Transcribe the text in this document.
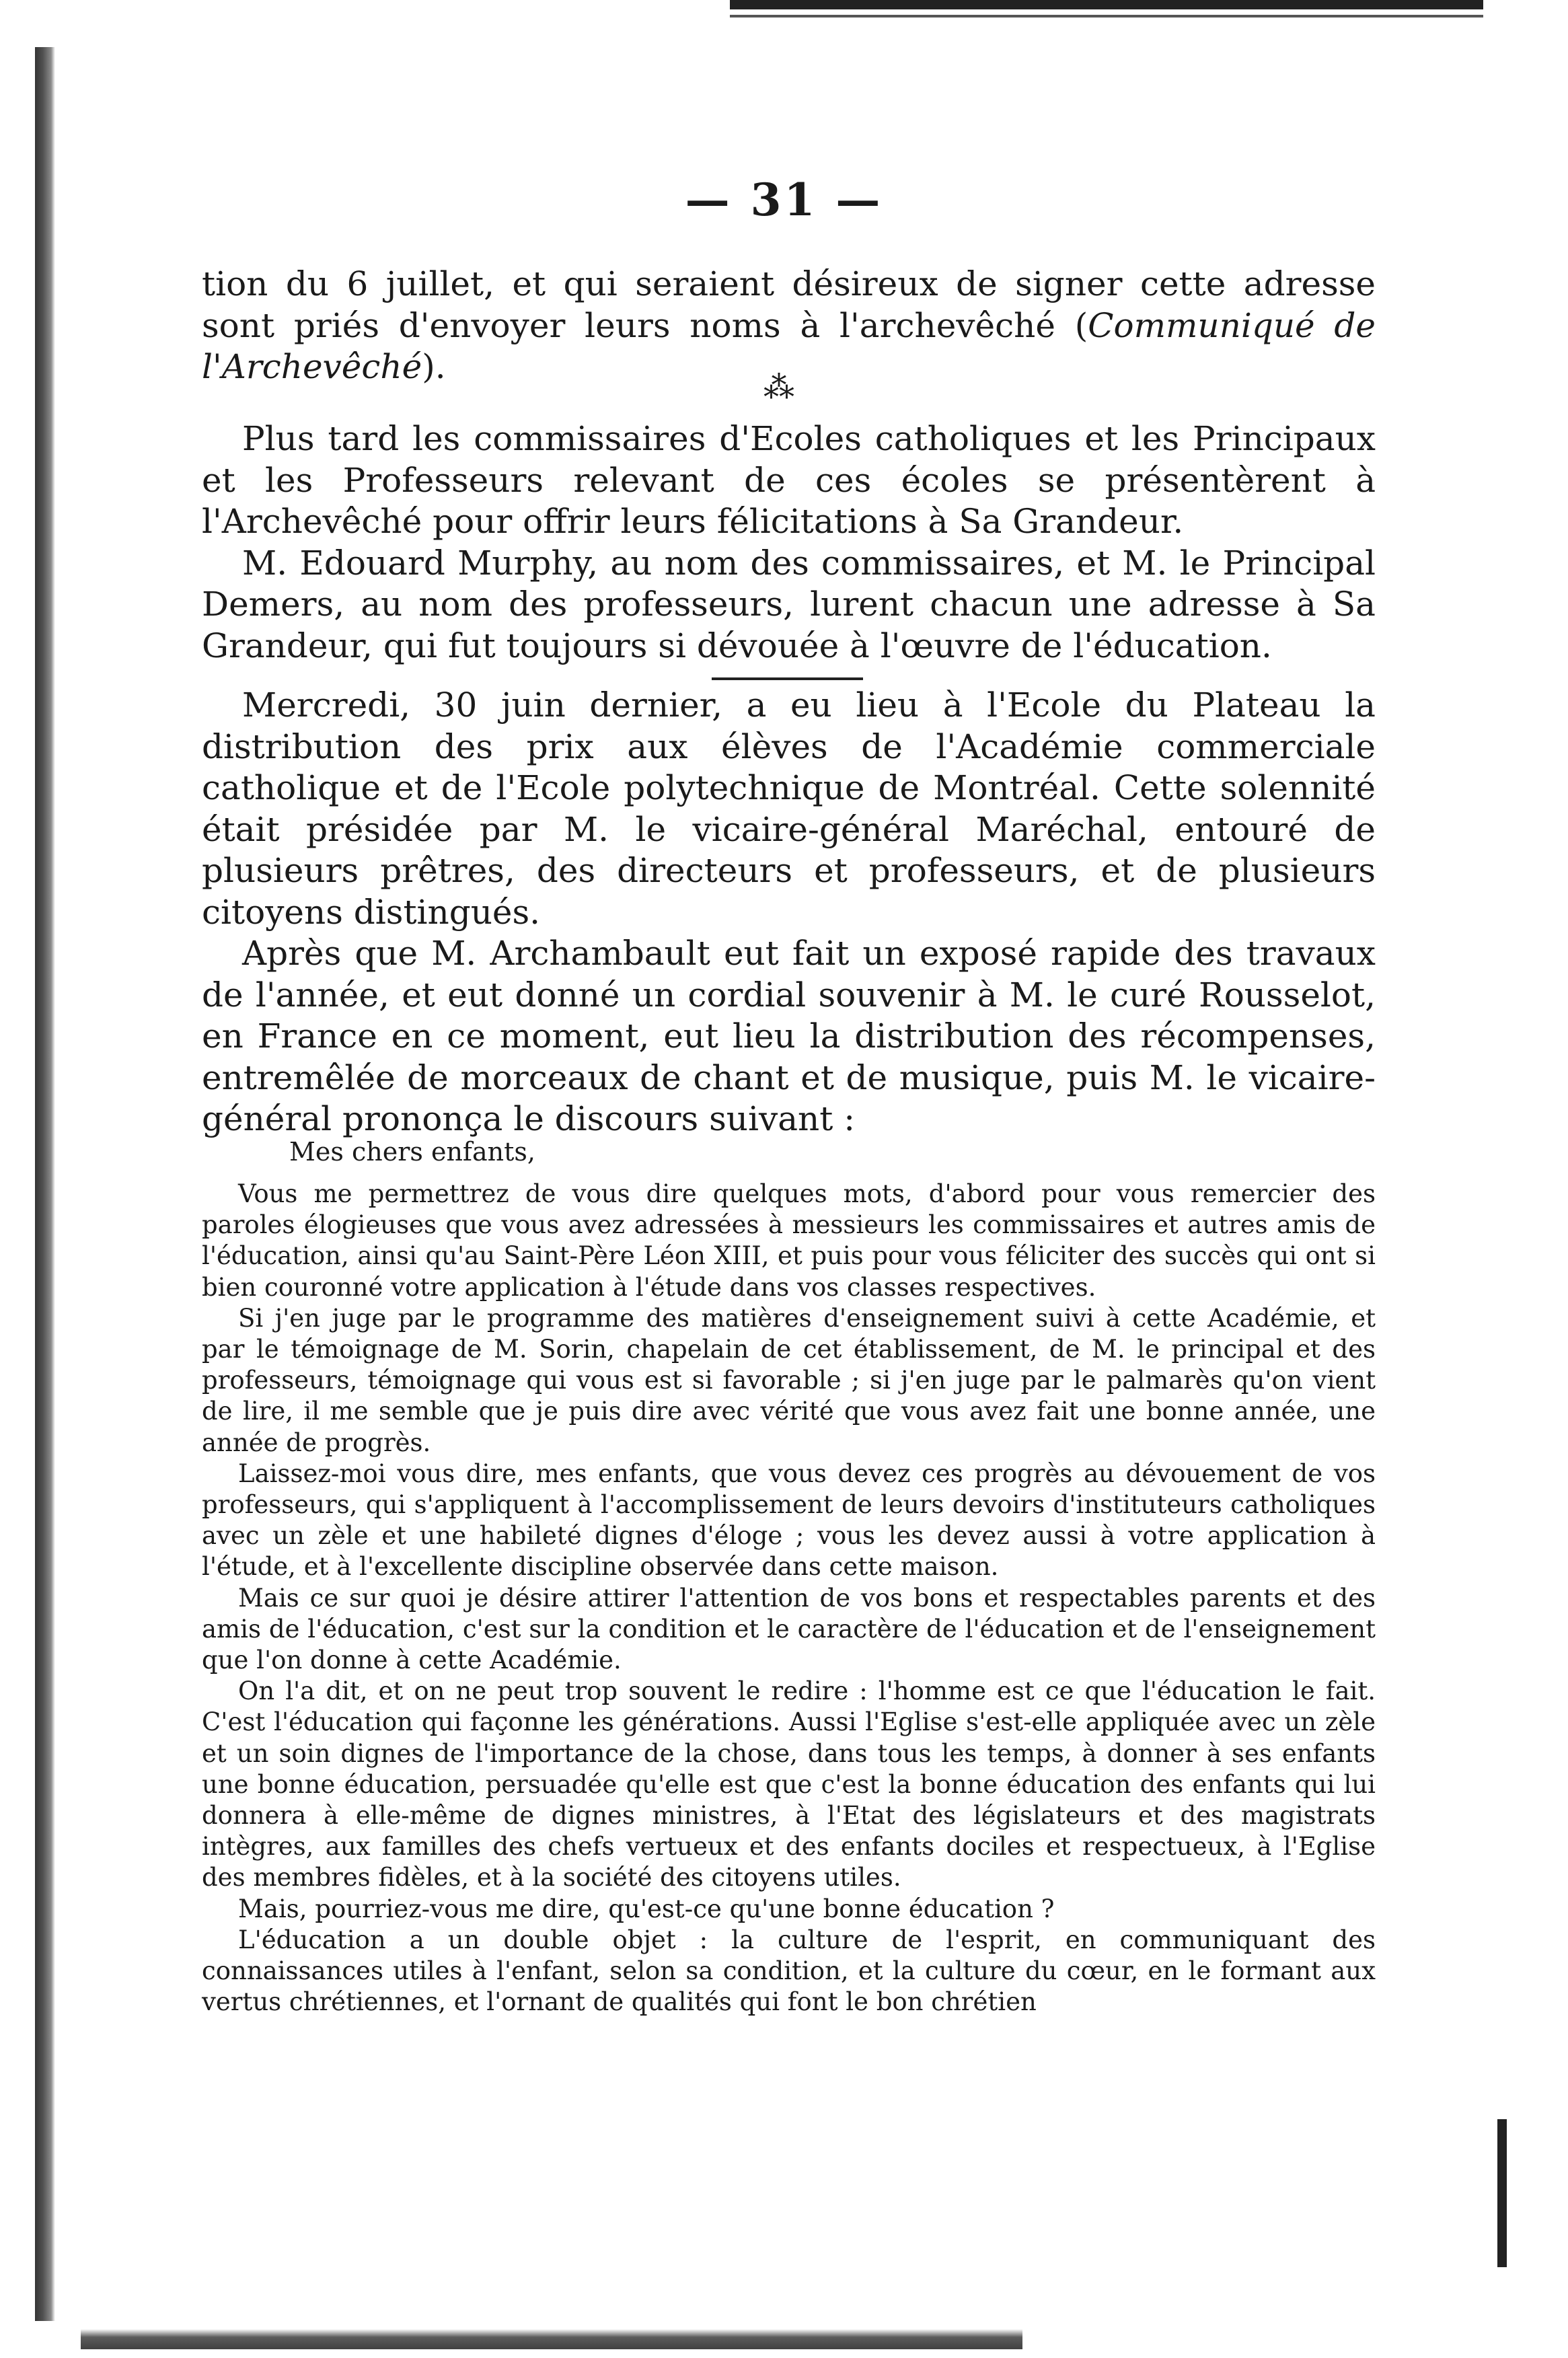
— 31 —

tion du 6 juillet, et qui seraient désireux de signer cette adresse sont priés d'envoyer leurs noms à l'archevêché (Communiqué de l'Archevêché).

⁂

Plus tard les commissaires d'Ecoles catholiques et les Principaux et les Professeurs relevant de ces écoles se présentèrent à l'Archevêché pour offrir leurs félicitations à Sa Grandeur.

M. Edouard Murphy, au nom des commissaires, et M. le Principal Demers, au nom des professeurs, lurent chacun une adresse à Sa Grandeur, qui fut toujours si dévouée à l'œuvre de l'éducation.

Mercredi, 30 juin dernier, a eu lieu à l'Ecole du Plateau la distribution des prix aux élèves de l'Académie commerciale catholique et de l'Ecole polytechnique de Montréal. Cette solennité était présidée par M. le vicaire-général Maréchal, entouré de plusieurs prêtres, des directeurs et professeurs, et de plusieurs citoyens distingués.

Après que M. Archambault eut fait un exposé rapide des travaux de l'année, et eut donné un cordial souvenir à M. le curé Rousselot, en France en ce moment, eut lieu la distribution des récompenses, entremêlée de morceaux de chant et de musique, puis M. le vicaire-général prononça le discours suivant :

Mes chers enfants,

Vous me permettrez de vous dire quelques mots, d'abord pour vous remercier des paroles élogieuses que vous avez adressées à messieurs les commissaires et autres amis de l'éducation, ainsi qu'au Saint-Père Léon XIII, et puis pour vous féliciter des succès qui ont si bien couronné votre application à l'étude dans vos classes respectives.

Si j'en juge par le programme des matières d'enseignement suivi à cette Académie, et par le témoignage de M. Sorin, chapelain de cet établissement, de M. le principal et des professeurs, témoignage qui vous est si favorable ; si j'en juge par le palmarès qu'on vient de lire, il me semble que je puis dire avec vérité que vous avez fait une bonne année, une année de progrès.

Laissez-moi vous dire, mes enfants, que vous devez ces progrès au dévouement de vos professeurs, qui s'appliquent à l'accomplissement de leurs devoirs d'instituteurs catholiques avec un zèle et une habileté dignes d'éloge ; vous les devez aussi à votre application à l'étude, et à l'excellente discipline observée dans cette maison.

Mais ce sur quoi je désire attirer l'attention de vos bons et respectables parents et des amis de l'éducation, c'est sur la condition et le caractère de l'éducation et de l'enseignement que l'on donne à cette Académie.

On l'a dit, et on ne peut trop souvent le redire : l'homme est ce que l'éducation le fait. C'est l'éducation qui façonne les générations. Aussi l'Eglise s'est-elle appliquée avec un zèle et un soin dignes de l'importance de la chose, dans tous les temps, à donner à ses enfants une bonne éducation, persuadée qu'elle est que c'est la bonne éducation des enfants qui lui donnera à elle-même de dignes ministres, à l'Etat des législateurs et des magistrats intègres, aux familles des chefs vertueux et des enfants dociles et respectueux, à l'Eglise des membres fidèles, et à la société des citoyens utiles.

Mais, pourriez-vous me dire, qu'est-ce qu'une bonne éducation ?

L'éducation a un double objet : la culture de l'esprit, en communiquant des connaissances utiles à l'enfant, selon sa condition, et la culture du cœur, en le formant aux vertus chrétiennes, et l'ornant de qualités qui font le bon chrétien
